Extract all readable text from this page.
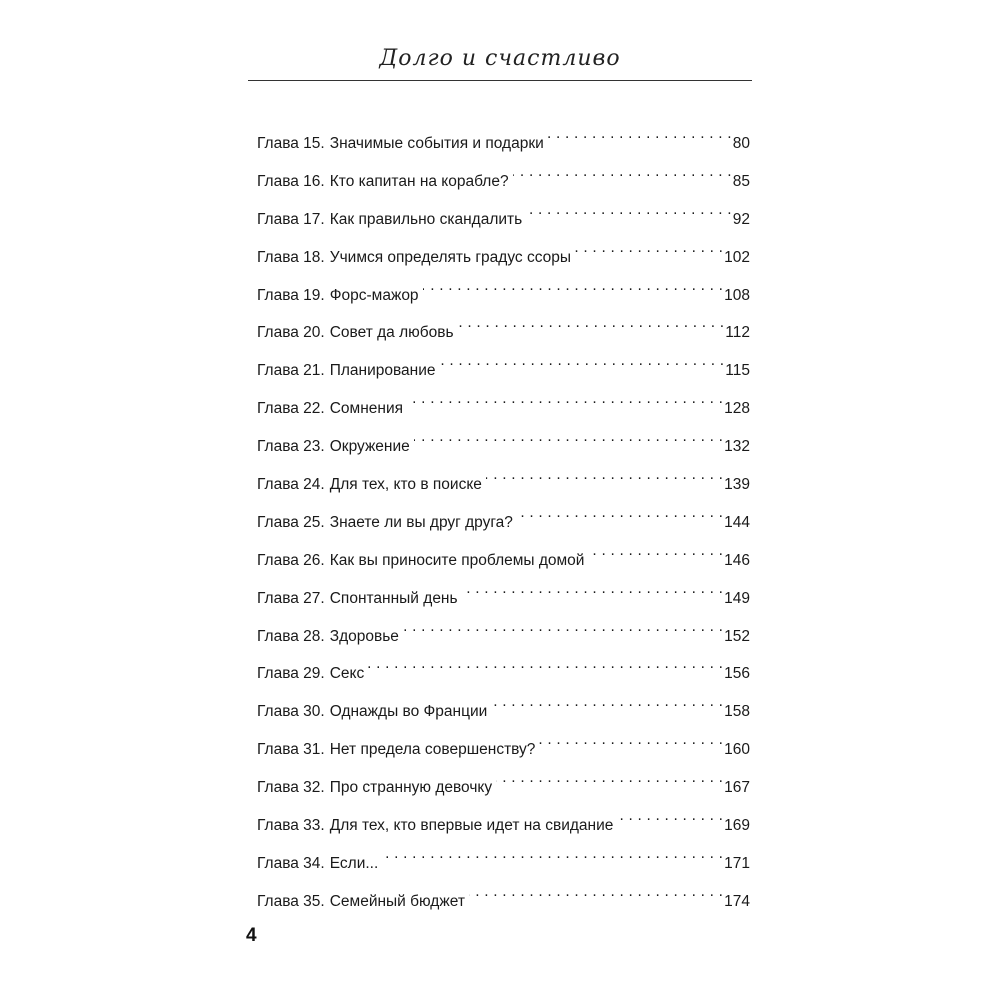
Долго и счастливо
Глава 15. Значимые события и подарки . . .	80
Глава 16. Кто капитан на корабле? . . .	85
Глава 17. Как правильно скандалить . . .	92
Глава 18. Учимся определять градус ссоры . . .	102
Глава 19. Форс-мажор . . .	108
Глава 20. Совет да любовь . . .	112
Глава 21. Планирование . . .	115
Глава 22. Сомнения . . .	128
Глава 23. Окружение . . .	132
Глава 24. Для тех, кто в поиске . . .	139
Глава 25. Знаете ли вы друг друга? . . .	144
Глава 26. Как вы приносите проблемы домой . . .	146
Глава 27. Спонтанный день . . .	149
Глава 28. Здоровье . . .	152
Глава 29. Секс . . .	156
Глава 30. Однажды во Франции . . .	158
Глава 31. Нет предела совершенству? . . .	160
Глава 32. Про странную девочку . . .	167
Глава 33. Для тех, кто впервые идет на свидание . . .	169
Глава 34. Если... . . .	171
Глава 35. Семейный бюджет . . .	174
4
